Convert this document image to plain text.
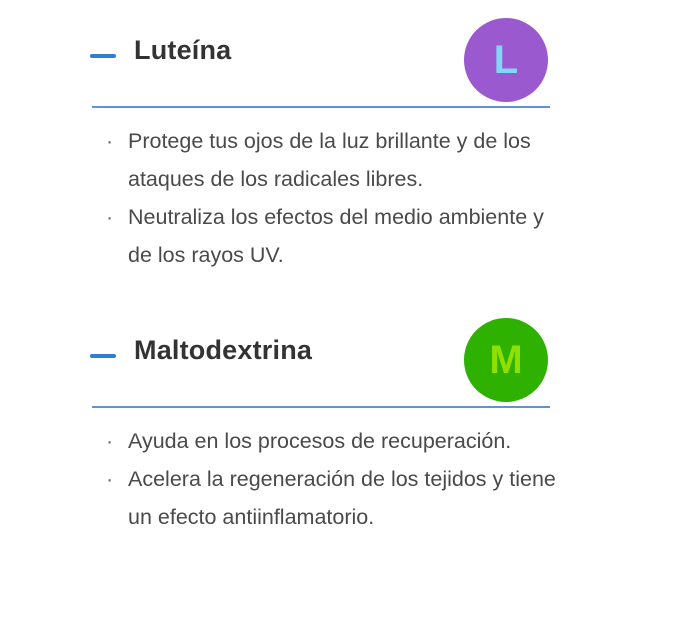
Luteína	L
· Protege tus ojos de la luz brillante y de los ataques de los radicales libres.
· Neutraliza los efectos del medio ambiente y de los rayos UV.
Maltodextrina	M
· Ayuda en los procesos de recuperación.
· Acelera la regeneración de los tejidos y tiene un efecto antiinflamatorio.
